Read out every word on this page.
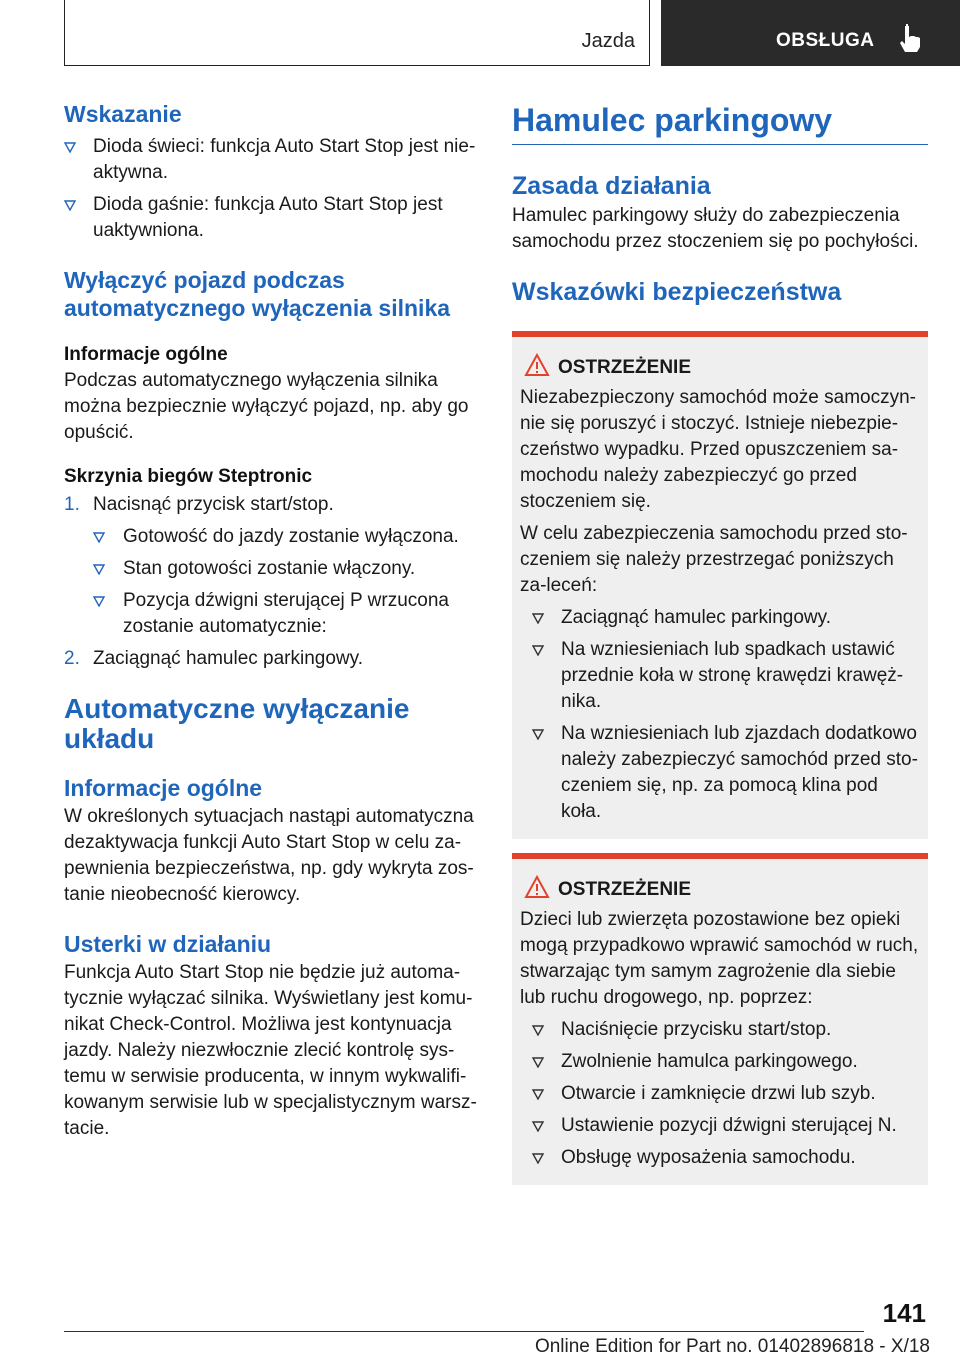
Jazda	OBSŁUGA
Wskazanie
Dioda świeci: funkcja Auto Start Stop jest nie-aktywna.
Dioda gaśnie: funkcja Auto Start Stop jest uaktywniona.
Wyłączyć pojazd podczas automatycznego wyłączenia silnika
Informacje ogólne

Podczas automatycznego wyłączenia silnika można bezpiecznie wyłączyć pojazd, np. aby go opuścić.

Skrzynia biegów Steptronic
1. Nacisnąć przycisk start/stop.
Gotowość do jazdy zostanie wyłączona.
Stan gotowości zostanie włączony.
Pozycja dźwigni sterującej P wrzucona zostanie automatycznie:
2. Zaciągnąć hamulec parkingowy.
Automatyczne wyłączanie układu
Informacje ogólne

W określonych sytuacjach nastąpi automatyczna dezaktywacja funkcji Auto Start Stop w celu za-pewnienia bezpieczeństwa, np. gdy wykryta zos-tanie nieobecność kierowcy.

Usterki w działaniu

Funkcja Auto Start Stop nie będzie już automa-tycznie wyłączać silnika. Wyświetlany jest komu-nikat Check-Control. Możliwa jest kontynuacja jazdy. Należy niezwłocznie zlecić kontrolę sys-temu w serwisie producenta, w innym wykwalifi-kowanym serwisie lub w specjalistycznym warsz-tacie.

Hamulec parkingowy
Zasada działania

Hamulec parkingowy służy do zabezpieczenia samochodu przez stoczeniem się po pochyłości.

Wskazówki bezpieczeństwa
OSTRZEŻENIE

Niezabezpieczony samochód może samoczyn-nie się poruszyć i stoczyć. Istnieje niebezpie-czeństwo wypadku. Przed opuszczeniem sa-mochodu należy zabezpieczyć go przed stoczeniem się.

W celu zabezpieczenia samochodu przed sto-czeniem się należy przestrzegać poniższych za-leceń:

Zaciągnąć hamulec parkingowy.
Na wzniesieniach lub spadkach ustawić przednie koła w stronę krawędzi krawęż-nika.
Na wzniesieniach lub zjazdach dodatkowo należy zabezpieczyć samochód przed sto-czeniem się, np. za pomocą klina pod koła.
OSTRZEŻENIE

Dzieci lub zwierzęta pozostawione bez opieki mogą przypadkowo wprawić samochód w ruch, stwarzając tym samym zagrożenie dla siebie lub ruchu drogowego, np. poprzez:

Naciśnięcie przycisku start/stop.
Zwolnienie hamulca parkingowego.
Otwarcie i zamknięcie drzwi lub szyb.
Ustawienie pozycji dźwigni sterującej N.
Obsługę wyposażenia samochodu.
141
Online Edition for Part no. 01402896818 - X/18
